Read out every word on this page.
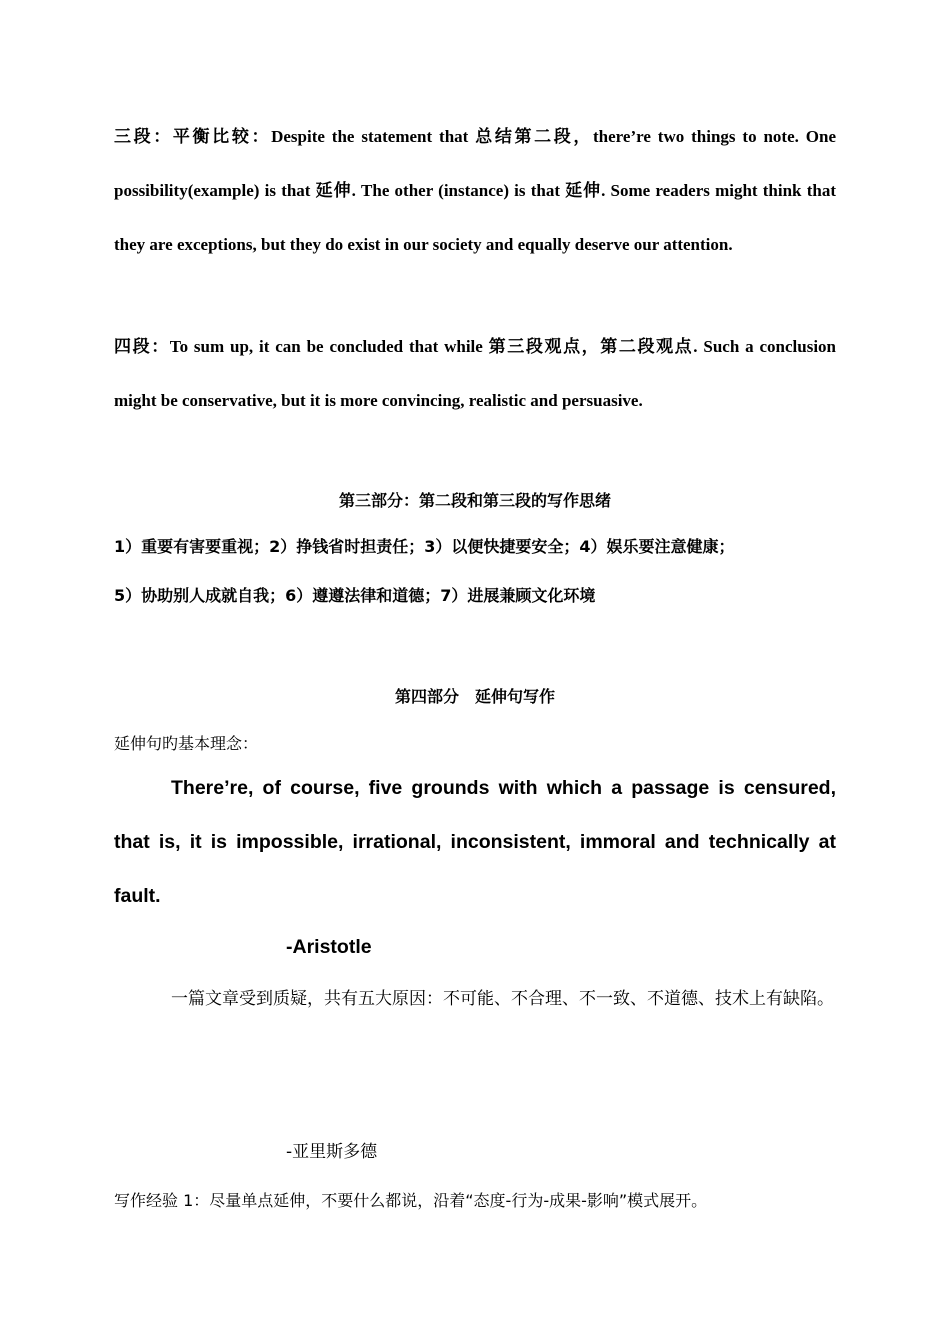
三段：平衡比较：Despite the statement that 总结第二段，there’re two things to note. One possibility(example) is that 延伸. The other (instance) is that 延伸. Some readers might think that they are exceptions, but they do exist in our society and equally deserve our attention.

四段：To sum up, it can be concluded that while 第三段观点，第二段观点. Such a conclusion might be conservative, but it is more convincing, realistic and persuasive.

第三部分：第二段和第三段的写作思绪

1）重要有害要重视；2）挣钱省时担责任；3）以便快捷要安全；4）娱乐要注意健康；

5）协助别人成就自我；6）遵遵法律和道德；7）进展兼顾文化环境

第四部分　延伸句写作

延伸句旳基本理念：

There’re, of course, five grounds with which a passage is censured, that is, it is impossible, irrational, inconsistent, immoral and technically at fault.

-Aristotle

一篇文章受到质疑，共有五大原因：不可能、不合理、不一致、不道德、技术上有缺陷。

-亚里斯多德

写作经验 1：尽量单点延伸，不要什么都说，沿着“态度-行为-成果-影响”模式展开。
